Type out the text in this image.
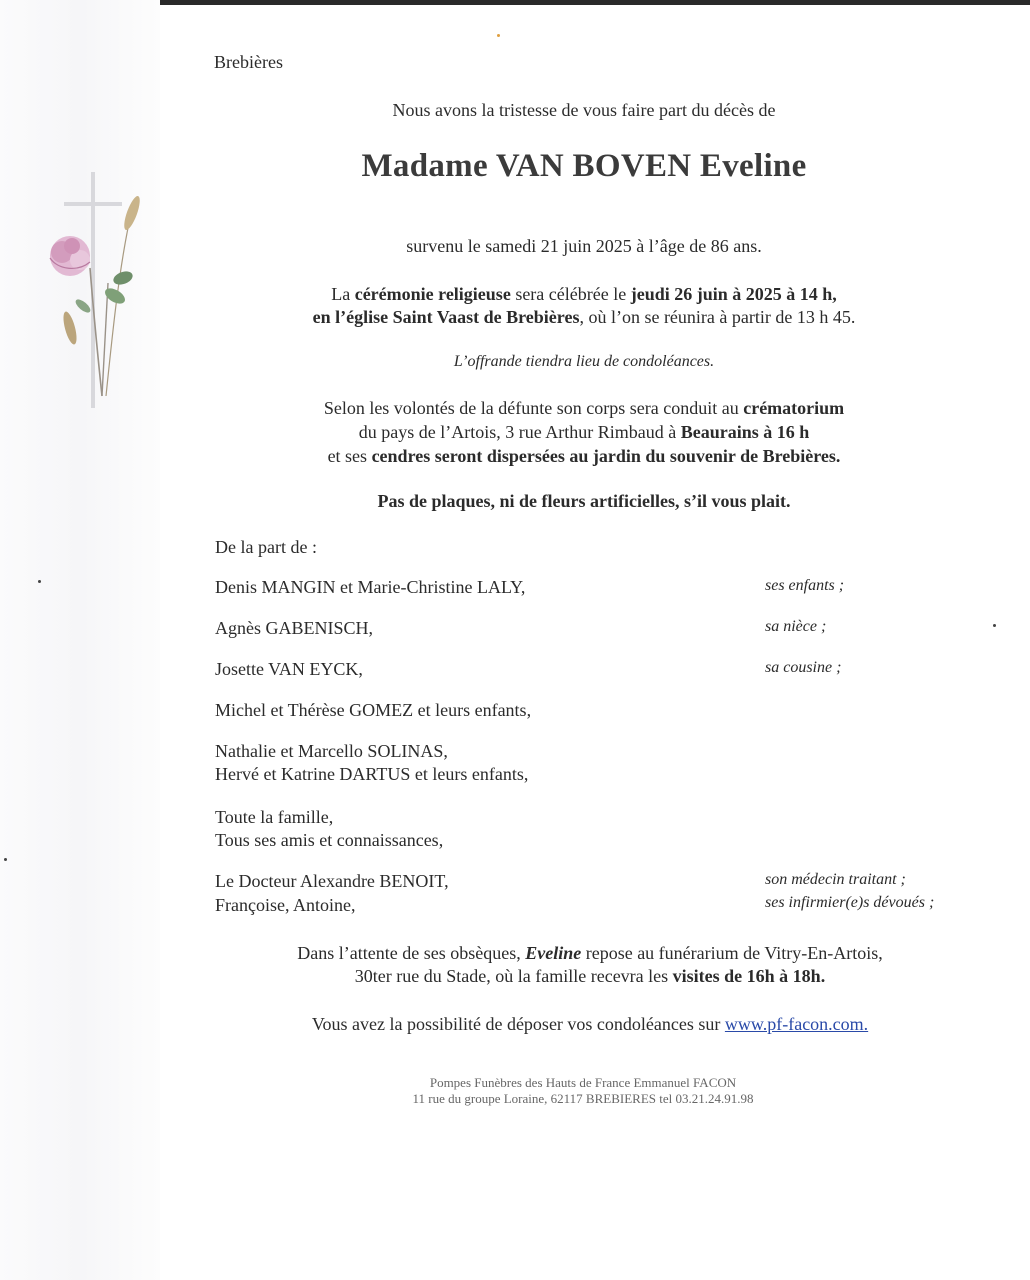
Brebières
Nous avons la tristesse de vous faire part du décès de
Madame VAN BOVEN Eveline
survenu le samedi 21 juin 2025 à l’âge de 86 ans.
La cérémonie religieuse sera célébrée le jeudi 26 juin à 2025 à 14 h,
en l’église Saint Vaast de Brebières, où l’on se réunira à partir de 13 h 45.
L’offrande tiendra lieu de condoléances.
Selon les volontés de la défunte son corps sera conduit au crématorium
du pays de l’Artois, 3 rue Arthur Rimbaud à Beaurains à 16 h
et ses cendres seront dispersées au jardin du souvenir de Brebières.
Pas de plaques, ni de fleurs artificielles, s’il vous plait.
De la part de :
Denis MANGIN et Marie-Christine LALY,	ses enfants ;
Agnès GABENISCH,	sa nièce ;
Josette VAN EYCK,	sa cousine ;
Michel et Thérèse GOMEZ et leurs enfants,
Nathalie et Marcello SOLINAS,
Hervé et Katrine DARTUS et leurs enfants,
Toute la famille,
Tous ses amis et connaissances,
Le Docteur Alexandre BENOIT,	son médecin traitant ;
Françoise, Antoine,	ses infirmier(e)s dévoués ;
Dans l’attente de ses obsèques, Eveline repose au funérarium de Vitry-En-Artois,
30ter rue du Stade, où la famille recevra les visites de 16h à 18h.
Vous avez la possibilité de déposer vos condoléances sur www.pf-facon.com.
Pompes Funèbres des Hauts de France Emmanuel FACON
11 rue du groupe Loraine, 62117 BREBIERES tel 03.21.24.91.98
